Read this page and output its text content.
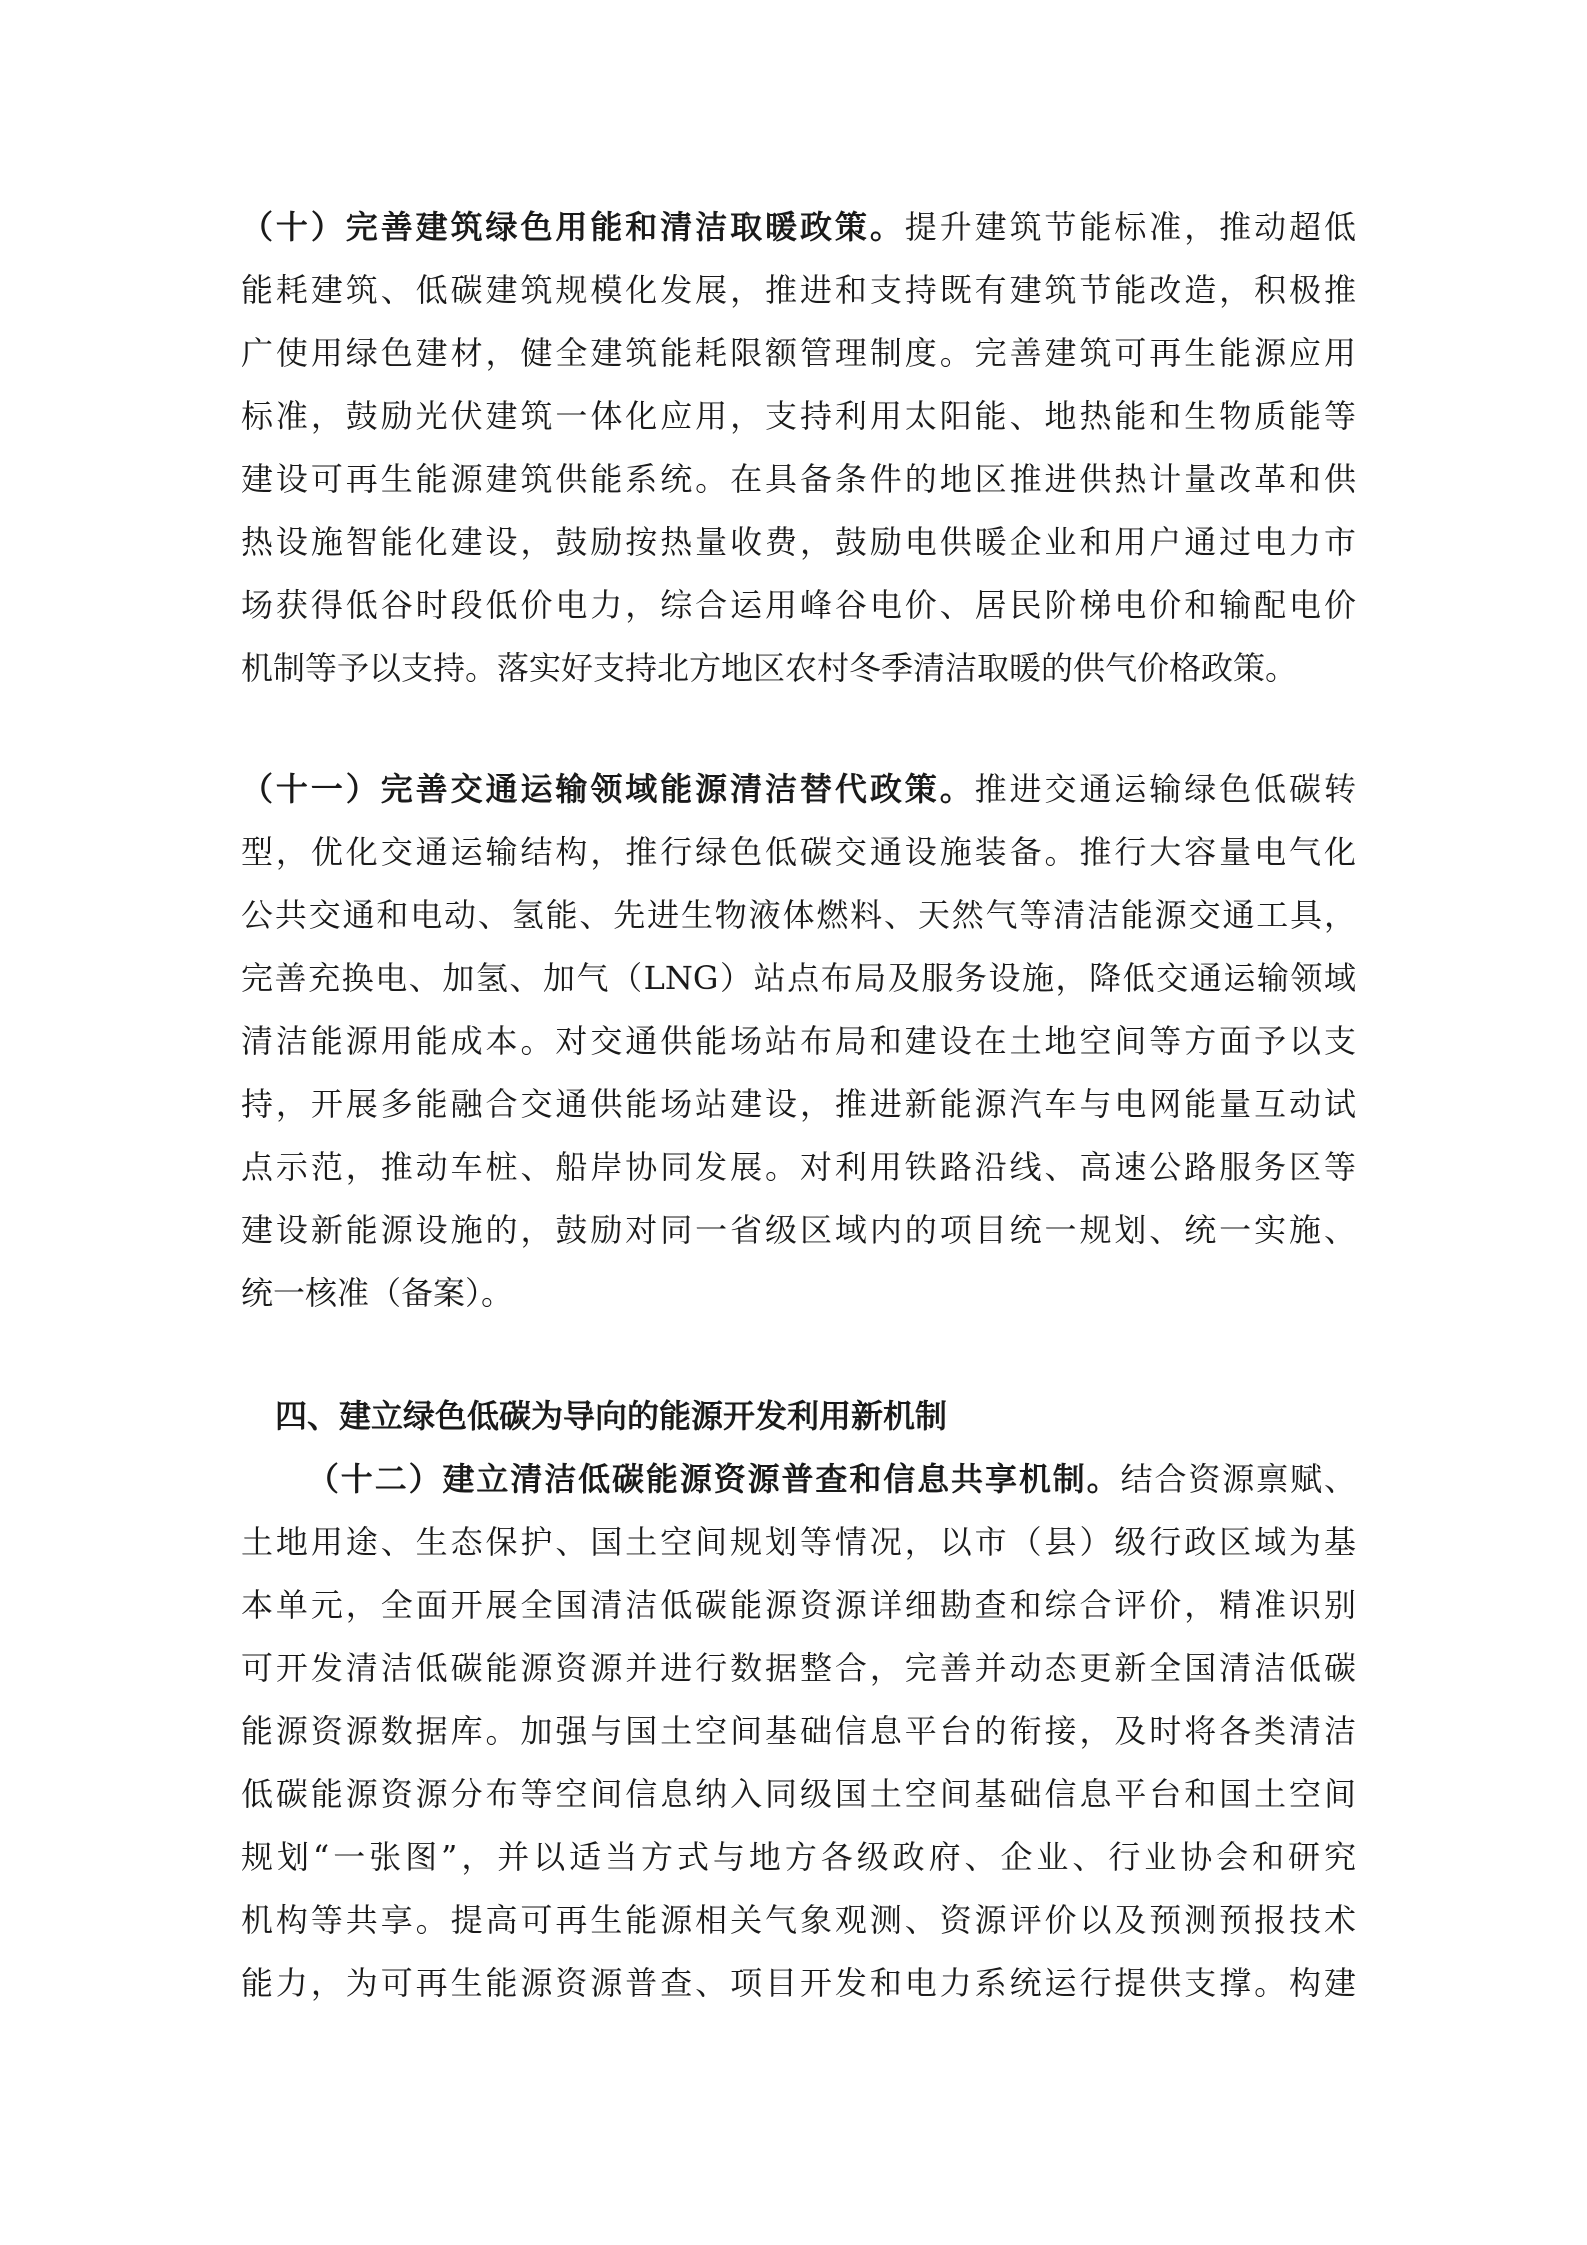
（十）完善建筑绿色用能和清洁取暖政策。提升建筑节能标准，推动超低
能耗建筑、低碳建筑规模化发展，推进和支持既有建筑节能改造，积极推
广使用绿色建材，健全建筑能耗限额管理制度。完善建筑可再生能源应用
标准，鼓励光伏建筑一体化应用，支持利用太阳能、地热能和生物质能等
建设可再生能源建筑供能系统。在具备条件的地区推进供热计量改革和供
热设施智能化建设，鼓励按热量收费，鼓励电供暖企业和用户通过电力市
场获得低谷时段低价电力，综合运用峰谷电价、居民阶梯电价和输配电价
机制等予以支持。落实好支持北方地区农村冬季清洁取暖的供气价格政策。
（十一）完善交通运输领域能源清洁替代政策。推进交通运输绿色低碳转
型，优化交通运输结构，推行绿色低碳交通设施装备。推行大容量电气化
公共交通和电动、氢能、先进生物液体燃料、天然气等清洁能源交通工具，
完善充换电、加氢、加气（LNG）站点布局及服务设施，降低交通运输领域
清洁能源用能成本。对交通供能场站布局和建设在土地空间等方面予以支
持，开展多能融合交通供能场站建设，推进新能源汽车与电网能量互动试
点示范，推动车桩、船岸协同发展。对利用铁路沿线、高速公路服务区等
建设新能源设施的，鼓励对同一省级区域内的项目统一规划、统一实施、
统一核准（备案）。
四、建立绿色低碳为导向的能源开发利用新机制
（十二）建立清洁低碳能源资源普查和信息共享机制。结合资源禀赋、
土地用途、生态保护、国土空间规划等情况，以市（县）级行政区域为基
本单元，全面开展全国清洁低碳能源资源详细勘查和综合评价，精准识别
可开发清洁低碳能源资源并进行数据整合，完善并动态更新全国清洁低碳
能源资源数据库。加强与国土空间基础信息平台的衔接，及时将各类清洁
低碳能源资源分布等空间信息纳入同级国土空间基础信息平台和国土空间
规划“一张图”，并以适当方式与地方各级政府、企业、行业协会和研究
机构等共享。提高可再生能源相关气象观测、资源评价以及预测预报技术
能力，为可再生能源资源普查、项目开发和电力系统运行提供支撑。构建
